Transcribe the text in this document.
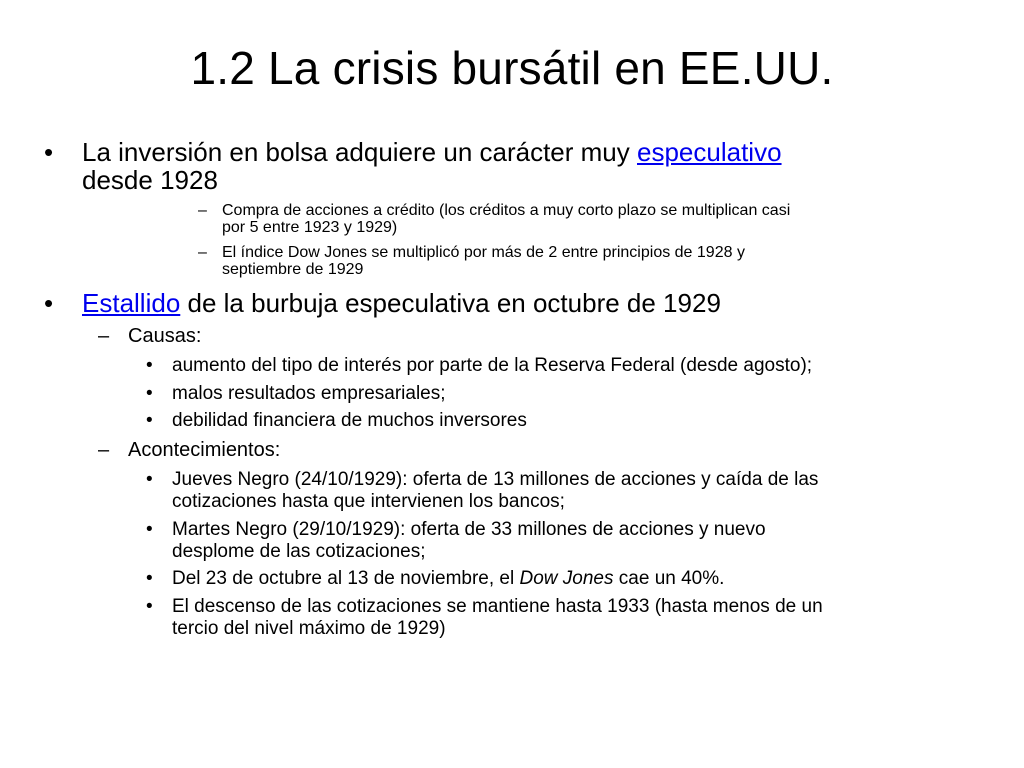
1.2 La crisis bursátil en EE.UU.
• La inversión en bolsa adquiere un carácter muy especulativo
desde 1928
– Compra de acciones a crédito (los créditos a muy corto plazo se multiplican casi
por 5 entre 1923 y 1929)
– El índice Dow Jones se multiplicó por más de 2 entre principios de 1928 y
septiembre de 1929
• Estallido de la burbuja especulativa en octubre de 1929
– Causas:
• aumento del tipo de interés por parte de la Reserva Federal (desde agosto);
• malos resultados empresariales;
• debilidad financiera de muchos inversores
– Acontecimientos:
• Jueves Negro (24/10/1929): oferta de 13 millones de acciones y caída de las
cotizaciones hasta que intervienen los bancos;
• Martes Negro (29/10/1929): oferta de 33 millones de acciones y nuevo
desplome de las cotizaciones;
• Del 23 de octubre al 13 de noviembre, el Dow Jones cae un 40%.
• El descenso de las cotizaciones se mantiene hasta 1933 (hasta menos de un
tercio del nivel máximo de 1929)
